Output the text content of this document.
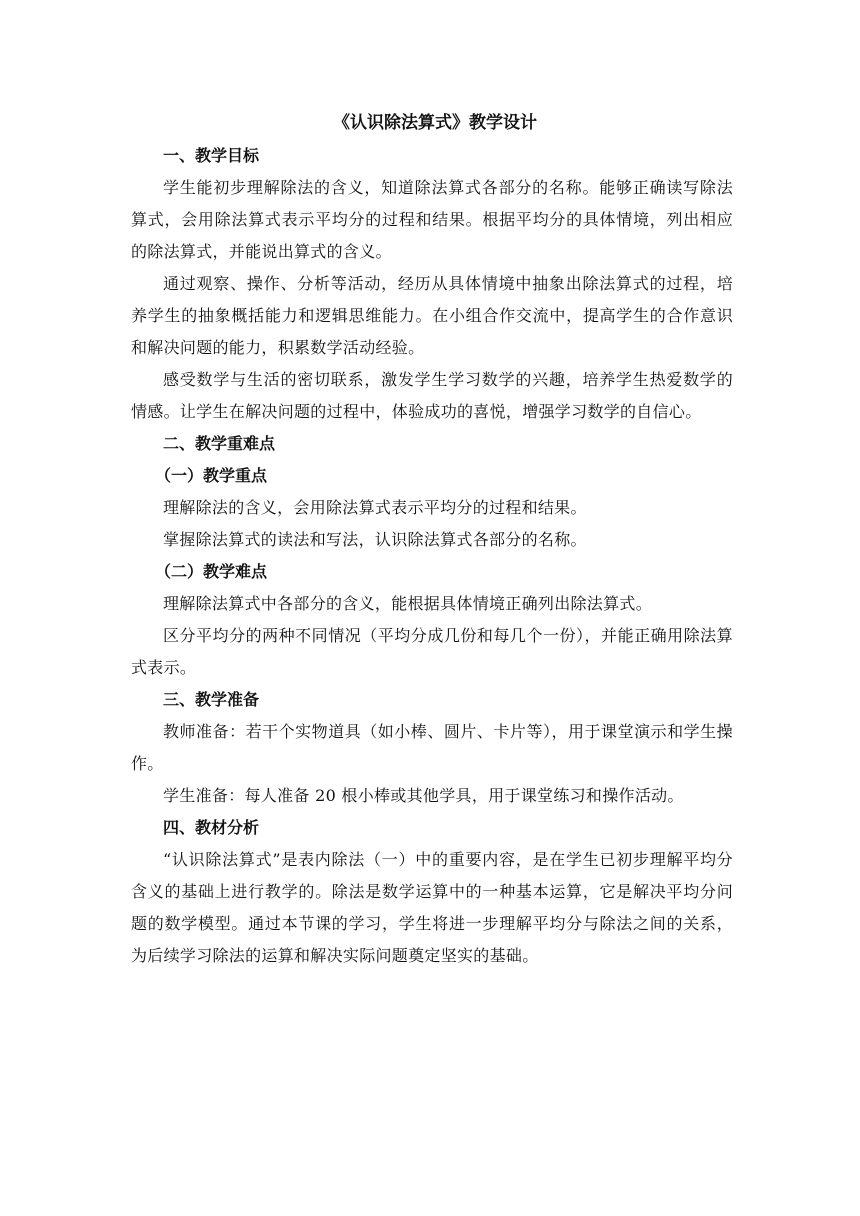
《认识除法算式》教学设计

一、教学目标

学生能初步理解除法的含义，知道除法算式各部分的名称。能够正确读写除法算式，会用除法算式表示平均分的过程和结果。根据平均分的具体情境，列出相应的除法算式，并能说出算式的含义。

通过观察、操作、分析等活动，经历从具体情境中抽象出除法算式的过程，培养学生的抽象概括能力和逻辑思维能力。在小组合作交流中，提高学生的合作意识和解决问题的能力，积累数学活动经验。

感受数学与生活的密切联系，激发学生学习数学的兴趣，培养学生热爱数学的情感。让学生在解决问题的过程中，体验成功的喜悦，增强学习数学的自信心。

二、教学重难点

（一）教学重点

理解除法的含义，会用除法算式表示平均分的过程和结果。

掌握除法算式的读法和写法，认识除法算式各部分的名称。

（二）教学难点

理解除法算式中各部分的含义，能根据具体情境正确列出除法算式。

区分平均分的两种不同情况（平均分成几份和每几个一份），并能正确用除法算式表示。

三、教学准备

教师准备：若干个实物道具（如小棒、圆片、卡片等），用于课堂演示和学生操作。

学生准备：每人准备 20 根小棒或其他学具，用于课堂练习和操作活动。

四、教材分析

“认识除法算式”是表内除法（一）中的重要内容，是在学生已初步理解平均分含义的基础上进行教学的。除法是数学运算中的一种基本运算，它是解决平均分问题的数学模型。通过本节课的学习，学生将进一步理解平均分与除法之间的关系，为后续学习除法的运算和解决实际问题奠定坚实的基础。
